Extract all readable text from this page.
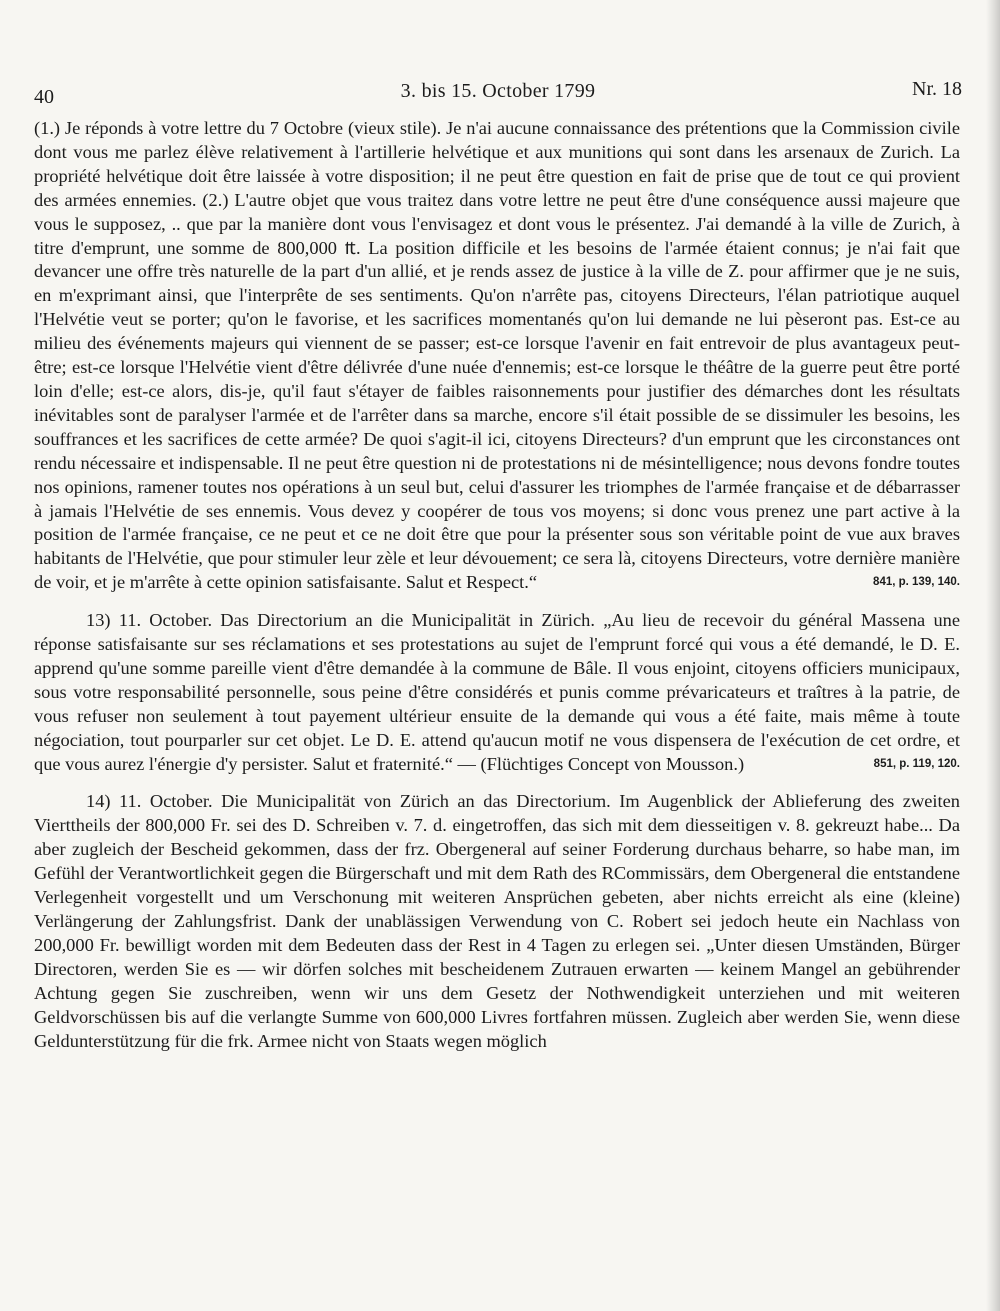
40	3. bis 15. October 1799	Nr. 18

(1.) Je réponds à votre lettre du 7 Octobre (vieux stile). Je n'ai aucune connaissance des prétentions que la Commission civile dont vous me parlez élève relativement à l'artillerie helvétique et aux munitions qui sont dans les arsenaux de Zurich. La propriété helvétique doit être laissée à votre disposition; il ne peut être question en fait de prise que de tout ce qui provient des armées ennemies. (2.) L'autre objet que vous traitez dans votre lettre ne peut être d'une conséquence aussi majeure que vous le supposez, .. que par la manière dont vous l'envisagez et dont vous le présentez. J'ai demandé à la ville de Zurich, à titre d'emprunt, une somme de 800,000 ₶. La position difficile et les besoins de l'armée étaient connus; je n'ai fait que devancer une offre très naturelle de la part d'un allié, et je rends assez de justice à la ville de Z. pour affirmer que je ne suis, en m'exprimant ainsi, que l'interprête de ses sentiments. Qu'on n'arrête pas, citoyens Directeurs, l'élan patriotique auquel l'Helvétie veut se porter; qu'on le favorise, et les sacrifices momentanés qu'on lui demande ne lui pèseront pas. Est-ce au milieu des événements majeurs qui viennent de se passer; est-ce lorsque l'avenir en fait entrevoir de plus avantageux peut-être; est-ce lorsque l'Helvétie vient d'être délivrée d'une nuée d'ennemis; est-ce lorsque le théâtre de la guerre peut être porté loin d'elle; est-ce alors, dis-je, qu'il faut s'étayer de faibles raisonnements pour justifier des démarches dont les résultats inévitables sont de paralyser l'armée et de l'arrêter dans sa marche, encore s'il était possible de se dissimuler les besoins, les souffrances et les sacrifices de cette armée? De quoi s'agit-il ici, citoyens Directeurs? d'un emprunt que les circonstances ont rendu nécessaire et indispensable. Il ne peut être question ni de protestations ni de mésintelligence; nous devons fondre toutes nos opinions, ramener toutes nos opérations à un seul but, celui d'assurer les triomphes de l'armée française et de débarrasser à jamais l'Helvétie de ses ennemis. Vous devez y coopérer de tous vos moyens; si donc vous prenez une part active à la position de l'armée française, ce ne peut et ce ne doit être que pour la présenter sous son véritable point de vue aux braves habitants de l'Helvétie, que pour stimuler leur zèle et leur dévouement; ce sera là, citoyens Directeurs, votre dernière manière de voir, et je m'arrête à cette opinion satisfaisante. Salut et Respect.“	841, p. 139, 140.

13) 11. October. Das Directorium an die Municipalität in Zürich. „Au lieu de recevoir du général Massena une réponse satisfaisante sur ses réclamations et ses protestations au sujet de l'emprunt forcé qui vous a été demandé, le D. E. apprend qu'une somme pareille vient d'être demandée à la commune de Bâle. Il vous enjoint, citoyens officiers municipaux, sous votre responsabilité personnelle, sous peine d'être considérés et punis comme prévaricateurs et traîtres à la patrie, de vous refuser non seulement à tout payement ultérieur ensuite de la demande qui vous a été faite, mais même à toute négociation, tout pourparler sur cet objet. Le D. E. attend qu'aucun motif ne vous dispensera de l'exécution de cet ordre, et que vous aurez l'énergie d'y persister. Salut et fraternité.“ — (Flüchtiges Concept von Mousson.)	851, p. 119, 120.

14) 11. October. Die Municipalität von Zürich an das Directorium. Im Augenblick der Ablieferung des zweiten Vierttheils der 800,000 Fr. sei des D. Schreiben v. 7. d. eingetroffen, das sich mit dem diesseitigen v. 8. gekreuzt habe... Da aber zugleich der Bescheid gekommen, dass der frz. Obergeneral auf seiner Forderung durchaus beharre, so habe man, im Gefühl der Verantwortlichkeit gegen die Bürgerschaft und mit dem Rath des RCommissärs, dem Obergeneral die entstandene Verlegenheit vorgestellt und um Verschonung mit weiteren Ansprüchen gebeten, aber nichts erreicht als eine (kleine) Verlängerung der Zahlungsfrist. Dank der unablässigen Verwendung von C. Robert sei jedoch heute ein Nachlass von 200,000 Fr. bewilligt worden mit dem Bedeuten dass der Rest in 4 Tagen zu erlegen sei. „Unter diesen Umständen, Bürger Directoren, werden Sie es — wir dörfen solches mit bescheidenem Zutrauen erwarten — keinem Mangel an gebührender Achtung gegen Sie zuschreiben, wenn wir uns dem Gesetz der Nothwendigkeit unterziehen und mit weiteren Geldvorschüssen bis auf die verlangte Summe von 600,000 Livres fortfahren müssen. Zugleich aber werden Sie, wenn diese Geldunterstützung für die frk. Armee nicht von Staats wegen möglich
